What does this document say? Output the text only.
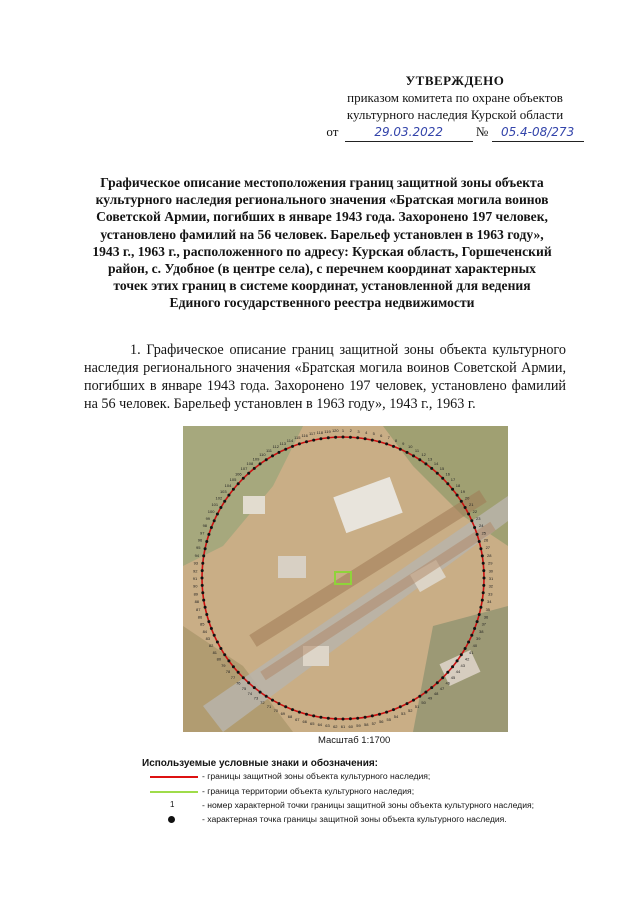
УТВЕРЖДЕНО
приказом комитета по охране объектов
культурного наследия Курской области
от	29.03.2022	№ 05.4-08/273
Графическое описание местоположения границ защитной зоны объекта культурного наследия регионального значения «Братская могила воинов Советской Армии, погибших в январе 1943 года. Захоронено 197 человек, установлено фамилий на 56 человек. Барельеф установлен в 1963 году», 1943 г., 1963 г., расположенного по адресу: Курская область, Горшеченский район, с. Удобное (в центре села), с перечнем координат характерных точек этих границ в системе координат, установленной для ведения Единого государственного реестра недвижимости
1. Графическое описание границ защитной зоны объекта культурного наследия регионального значения «Братская могила воинов Советской Армии, погибших в январе 1943 года. Захоронено 197 человек, установлено фамилий на 56 человек. Барельеф установлен в 1963 году», 1943 г., 1963 г.
1 2 3 4 5 6 7
8
9
10
11
12
13
14
15
16
17
18
19
20
21
22
23
24
25
26
27
28
29
30
31
32
33
34
35
36
37
38
39
40
41
42
43
44
45
46
47
48
49
50
51
52
53
54
55
56
57
58
59
60
61
62
63
64
65
66
67
68
69
70
71
72
73
74
75
76
77
78
79
80
81
82
83
84
85
86
87
88
89
90
91
92
93
94
95
96
97
98
99
100
101
102
103
104
105
106
107
108
109
110
111
112
113
114
115 116 117 118 119 120
Масштаб 1:1700
Используемые условные знаки и обозначения:
- границы защитной зоны объекта культурного наследия;
- граница территории объекта культурного наследия;
1	- номер характерной точки границы защитной зоны объекта культурного наследия;
- характерная точка границы защитной зоны объекта культурного наследия.
